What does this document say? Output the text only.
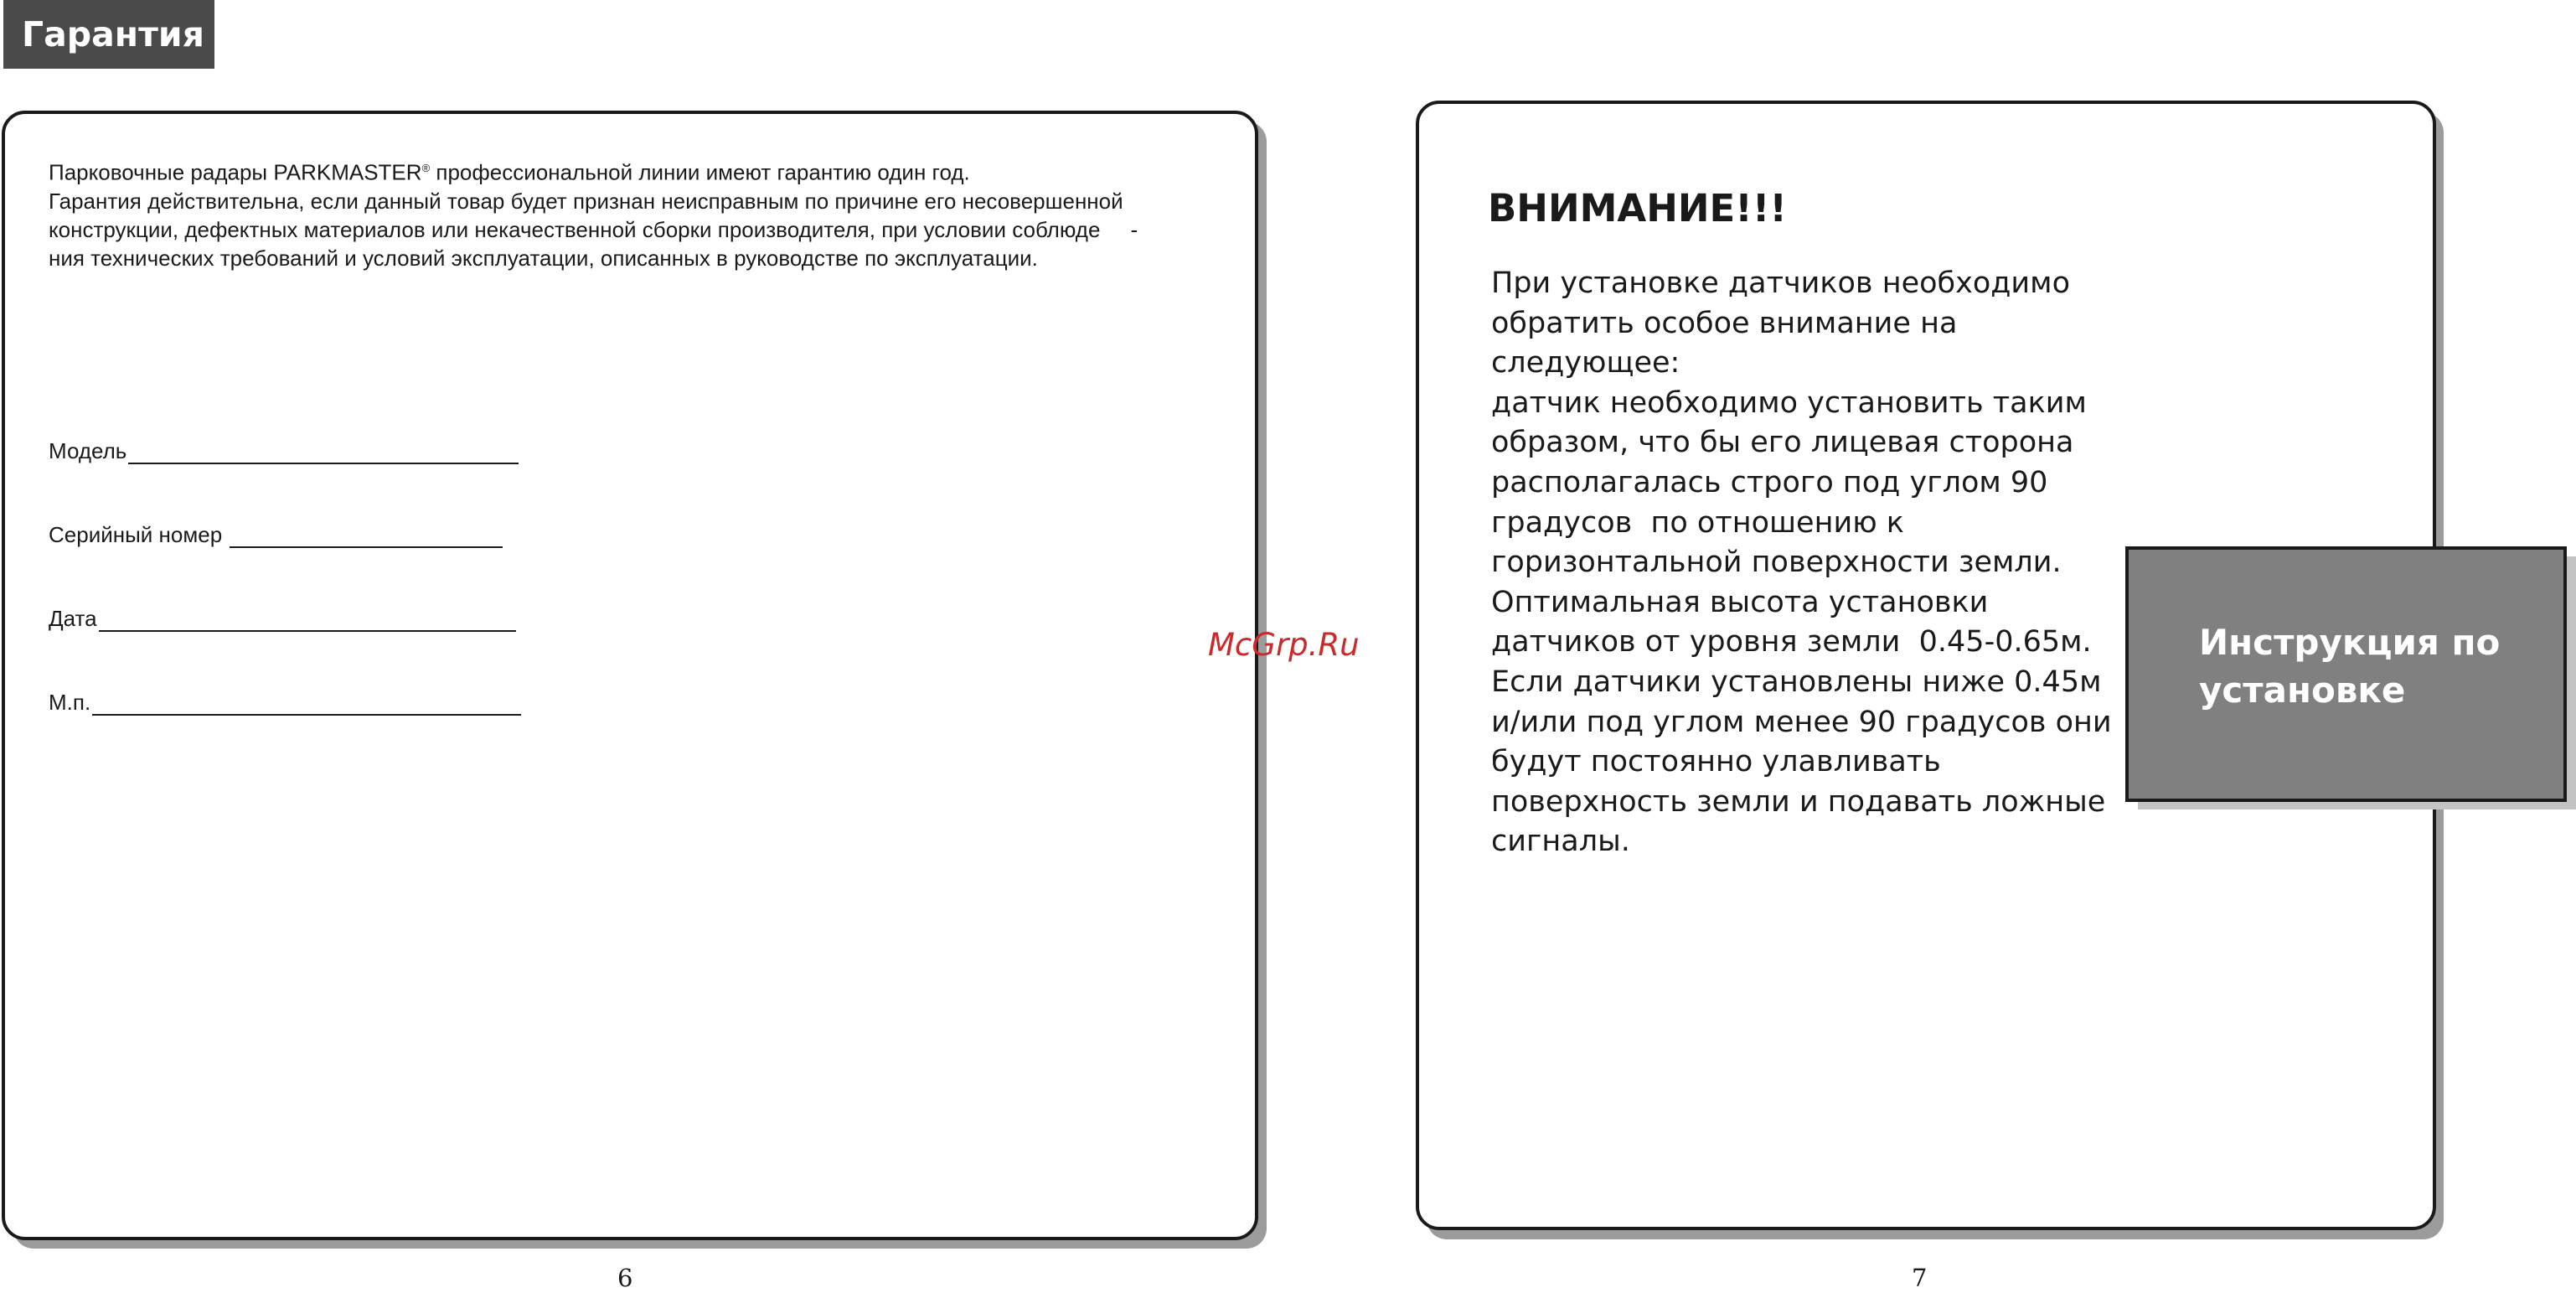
Гарантия

Парковочные радары PARKMASTER® профессиональной линии имеют гарантию один год.

Гарантия действительна, если данный товар будет признан неисправным по причине его несовершенной

конструкции, дефектных материалов или некачественной сборки производителя, при условии соблюде     -

ния технических требований и условий эксплуатации, описанных в руководстве по эксплуатации.

Модель
Серийный номер
Дата
М.п.
ВНИМАНИЕ!!!

При установке датчиков необходимо

обратить особое внимание на

следующее:

датчик необходимо установить таким

образом, что бы его лицевая сторона

располагалась строго под углом 90

градусов  по отношению к

горизонтальной поверхности земли.

Оптимальная высота установки

датчиков от уровня земли  0.45-0.65м.

Если датчики установлены ниже 0.45м

и/или под углом менее 90 градусов они

будут постоянно улавливать

поверхность земли и подавать ложные

сигналы.

Инструкция по
установке
McGrp.Ru
6	7
